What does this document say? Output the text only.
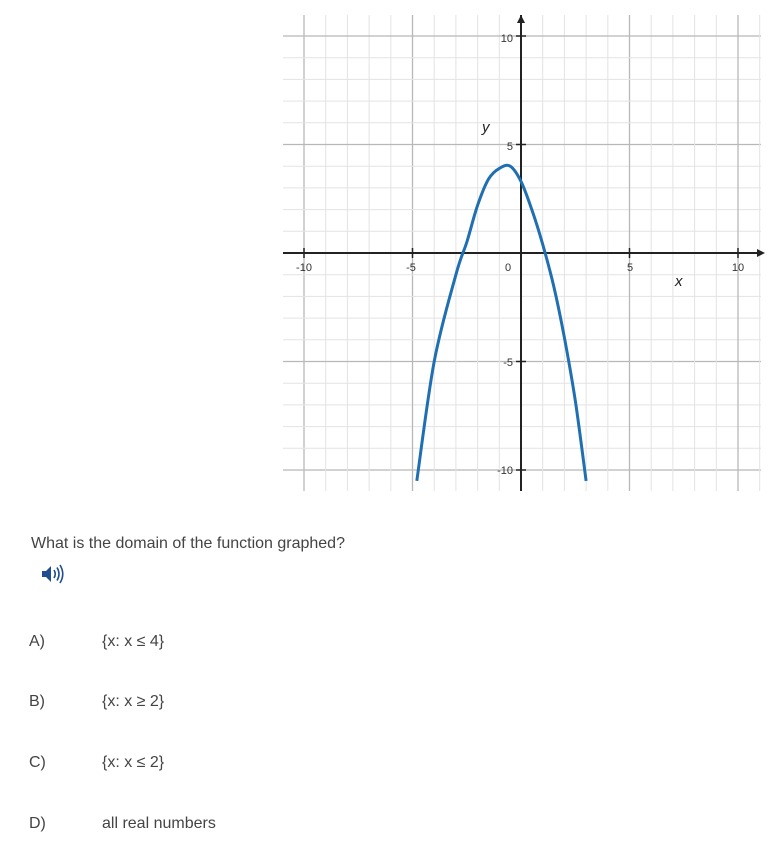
-10	-5	0	5	10
10
5
-5
-10
x
y
What is the domain of the function graphed?
A)	{x: x ≤ 4}
B)	{x: x ≥ 2}
C)	{x: x ≤ 2}
D)	all real numbers
